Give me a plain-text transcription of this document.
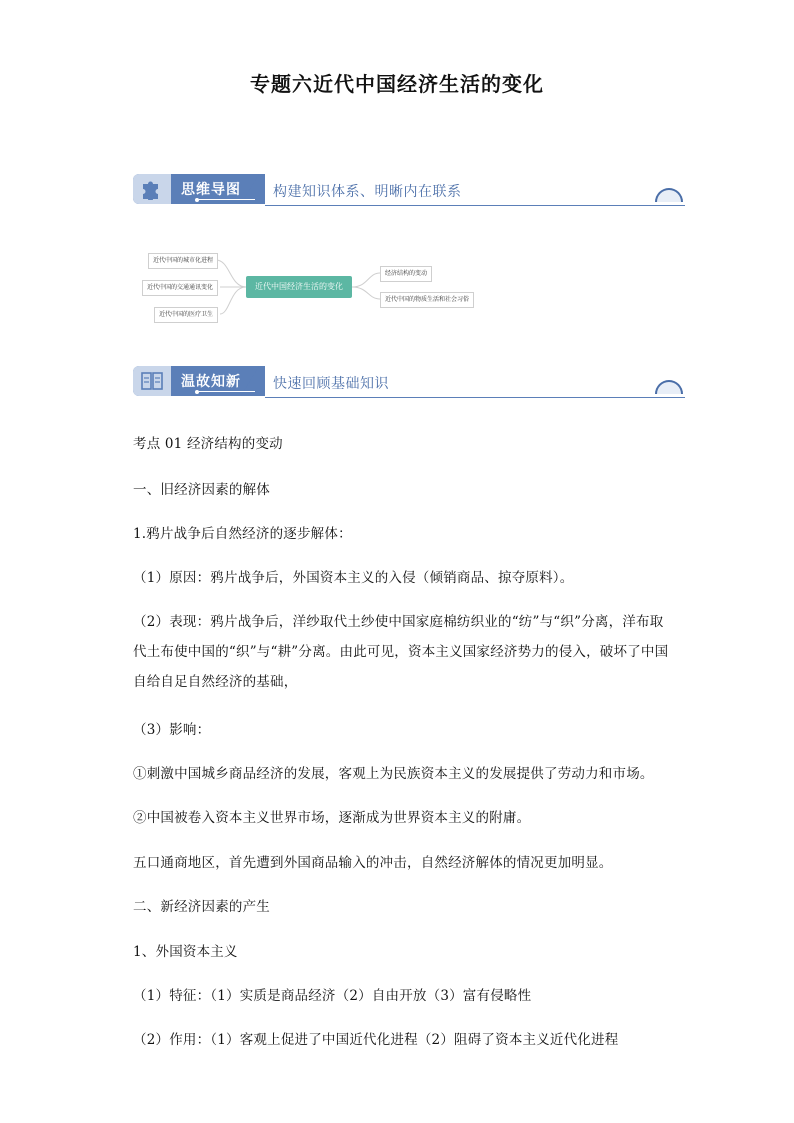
专题六近代中国经济生活的变化
思维导图 构建知识体系、明晰内在联系
近代中国的城市化进程
近代中国的交通通讯变化
近代中国的医疗卫生
近代中国经济生活的变化
经济结构的变动
近代中国的物质生活和社会习俗
温故知新 快速回顾基础知识

考点 01 经济结构的变动

一、旧经济因素的解体

1.鸦片战争后自然经济的逐步解体：

（1）原因：鸦片战争后，外国资本主义的入侵（倾销商品、掠夺原料）。

（2）表现：鸦片战争后，洋纱取代土纱使中国家庭棉纺织业的“纺”与“织”分离，洋布取代土布使中国的“织”与“耕”分离。由此可见，资本主义国家经济势力的侵入，破坏了中国自给自足自然经济的基础，

（3）影响：

①刺激中国城乡商品经济的发展，客观上为民族资本主义的发展提供了劳动力和市场。

②中国被卷入资本主义世界市场，逐渐成为世界资本主义的附庸。

五口通商地区，首先遭到外国商品输入的冲击，自然经济解体的情况更加明显。

二、新经济因素的产生

1、外国资本主义

（1）特征：（1）实质是商品经济（2）自由开放（3）富有侵略性

（2）作用：（1）客观上促进了中国近代化进程（2）阻碍了资本主义近代化进程
